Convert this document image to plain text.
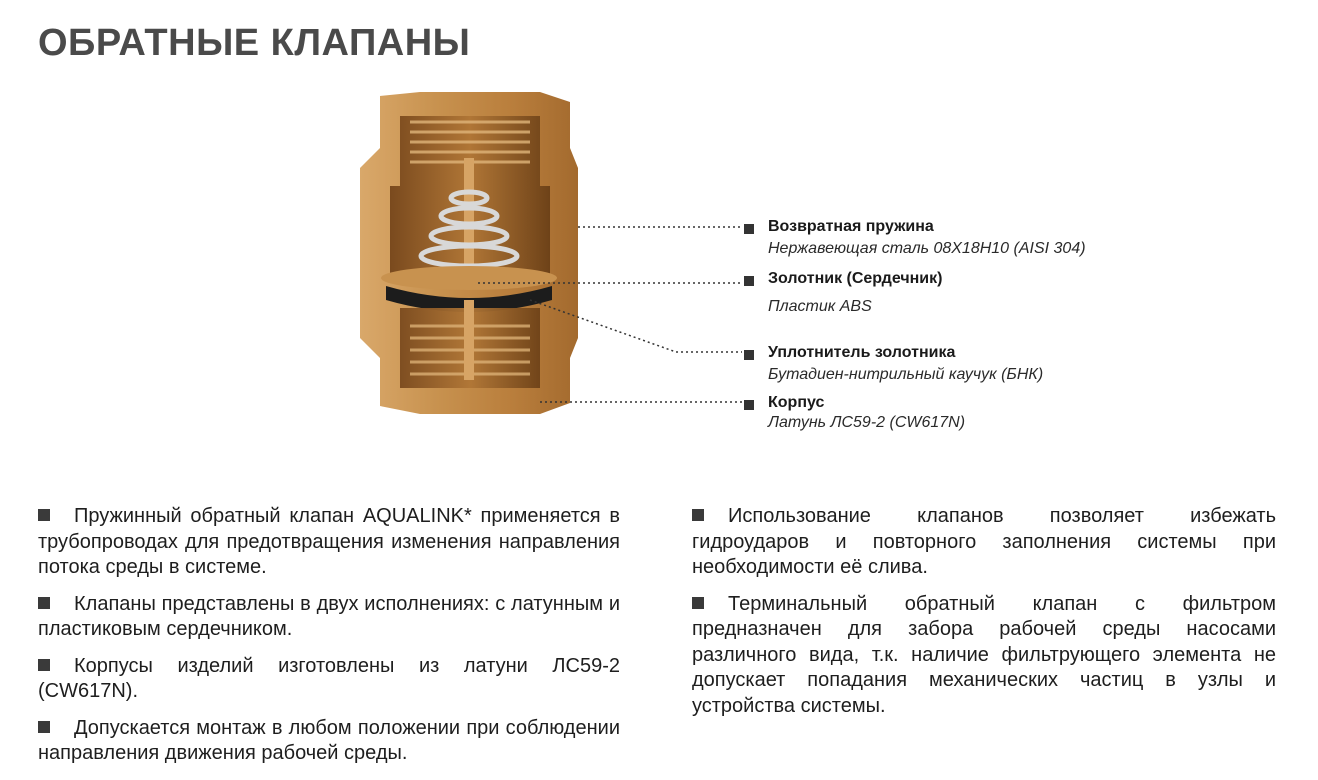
ОБРАТНЫЕ КЛАПАНЫ
Возвратная пружина
Нержавеющая сталь 08Х18Н10 (AISI 304)
Золотник (Сердечник)
Пластик ABS
Уплотнитель золотника
Бутадиен-нитрильный каучук (БНК)
Корпус
Латунь ЛС59-2 (CW617N)

Пружинный обратный клапан AQUALINK* применяется в трубопроводах для предотвращения изменения направления потока среды в системе.

Клапаны представлены в двух исполнениях: с латунным и пластиковым сердечником.

Корпусы изделий изготовлены из латуни ЛС59-2 (CW617N).

Допускается монтаж в любом положении при соблюдении направления движения рабочей среды.

Использование клапанов позволяет избежать гидроударов и повторного заполнения системы при необходимости её слива.

Терминальный обратный клапан с фильтром предназначен для забора рабочей среды насосами различного вида, т.к. наличие фильтрующего элемента не допускает попадания механических частиц в узлы и устройства системы.
